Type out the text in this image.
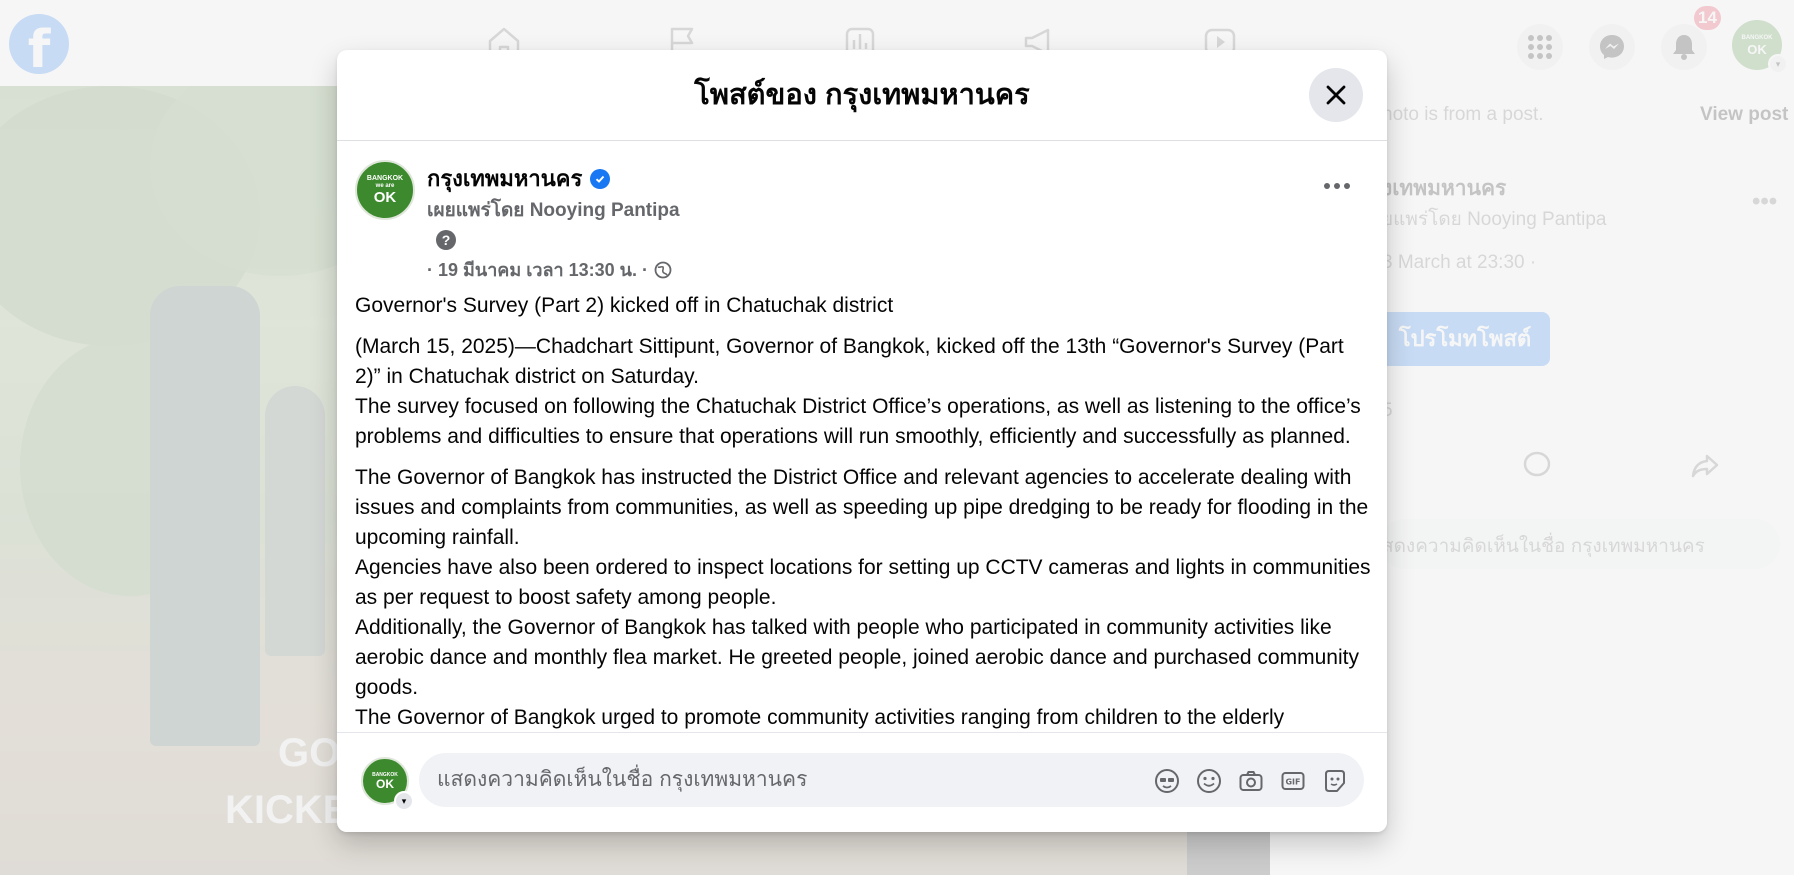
โพสต์ของ กรุงเทพมหานคร
BANGKOK
we are
OK
กรุงเทพมหานคร
เผยแพร่โดย Nooying Pantipa
?
· 19 มีนาคม เวลา 13:30 น. ·

Governor's Survey (Part 2) kicked off in Chatuchak district

(March 15, 2025)—Chadchart Sittipunt, Governor of Bangkok, kicked off the 13th “Governor's Survey (Part 2)” in Chatuchak district on Saturday.
The survey focused on following the Chatuchak District Office’s operations, as well as listening to the office’s problems and difficulties to ensure that operations will run smoothly, efficiently and successfully as planned.

The Governor of Bangkok has instructed the District Office and relevant agencies to accelerate dealing with issues and complaints from communities, as well as speeding up pipe dredging to be ready for flooding in the upcoming rainfall.
Agencies have also been ordered to inspect locations for setting up CCTV cameras and lights in communities as per request to boost safety among people.
Additionally, the Governor of Bangkok has talked with people who participated in community activities like aerobic dance and monthly flea market. He greeted people, joined aerobic dance and purchased community goods.
The Governor of Bangkok urged to promote community activities ranging from children to the elderly

BANGKOK
OK
▾
แสดงความคิดเห็นในชื่อ กรุงเทพมหานคร	GIF
